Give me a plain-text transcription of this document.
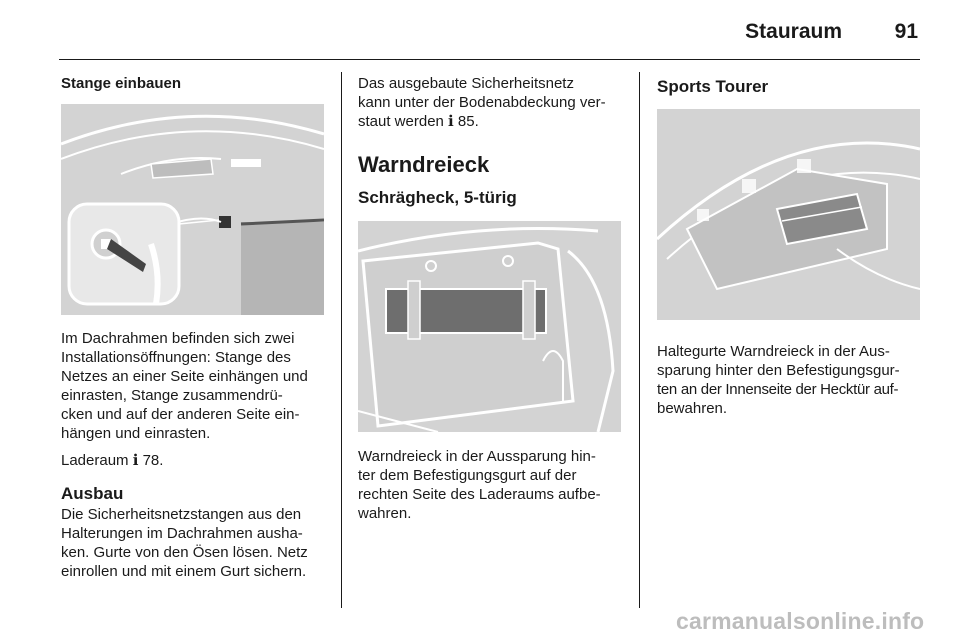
Stauraum	91
Stange einbauen

Im Dachrahmen befinden sich zwei

Installationsöffnungen: Stange des

Netzes an einer Seite einhängen und

einrasten, Stange zusammendrü-

cken und auf der anderen Seite ein-

hängen und einrasten.

Laderaum ℹ 78.

Ausbau

Die Sicherheitsnetzstangen aus den

Halterungen im Dachrahmen ausha-

ken. Gurte von den Ösen lösen. Netz

einrollen und mit einem Gurt sichern.

Das ausgebaute Sicherheitsnetz

kann unter der Bodenabdeckung ver-

staut werden ℹ 85.

Warndreieck
Schrägheck, 5-türig

Warndreieck in der Aussparung hin-

ter dem Befestigungsgurt auf der

rechten Seite des Laderaums aufbe-

wahren.

Sports Tourer

Haltegurte Warndreieck in der Aus-

sparung hinter den Befestigungsgur-

ten an der Innenseite der Hecktür auf-

bewahren.

carmanualsonline.info
